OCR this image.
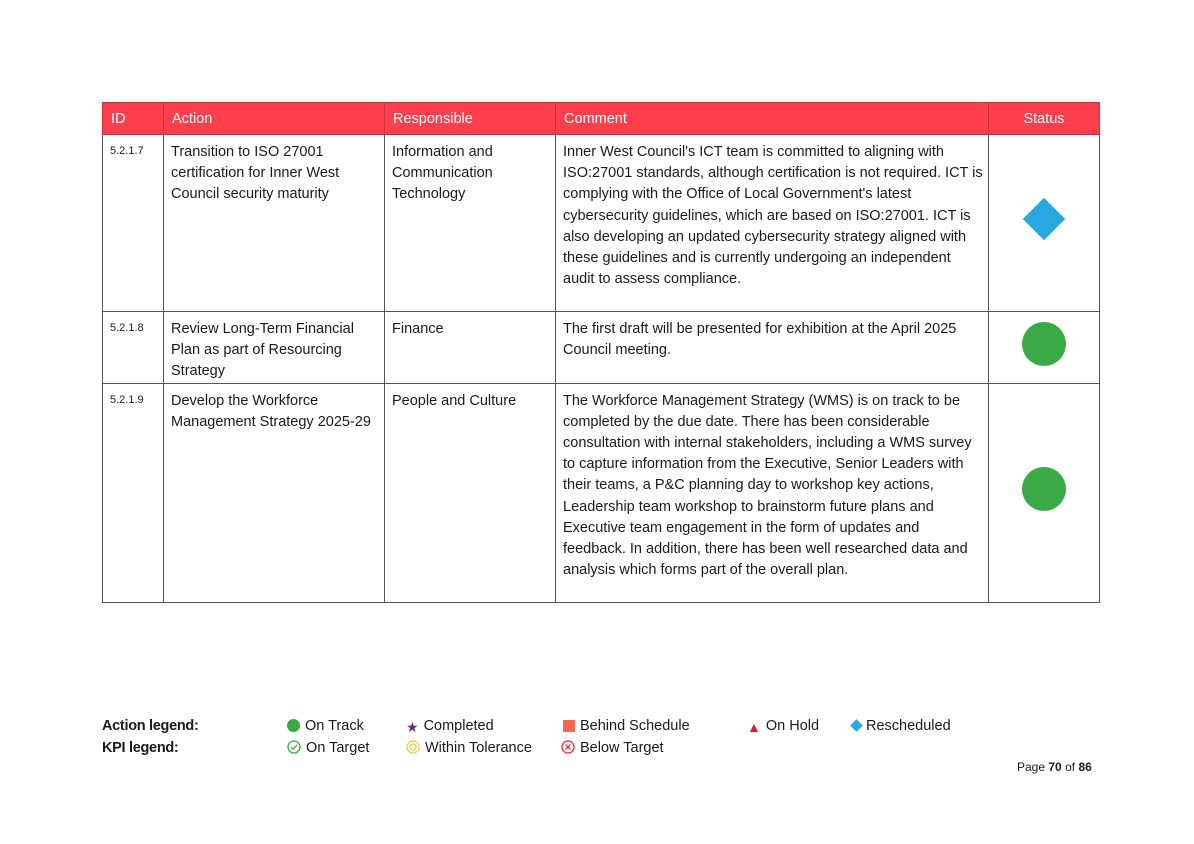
ID	Action	Responsible	Comment	Status
5.2.1.7	Transition to ISO 27001 certification for Inner West Council security maturity	Information and Communication Technology	Inner West Council's ICT team is committed to aligning with ISO:27001 standards, although certification is not required. ICT is complying with the Office of Local Government's latest cybersecurity guidelines, which are based on ISO:27001. ICT is also developing an updated cybersecurity strategy aligned with these guidelines and is currently undergoing an independent audit to assess compliance.	
5.2.1.8	Review Long-Term Financial Plan as part of Resourcing Strategy	Finance	The first draft will be presented for exhibition at the April 2025 Council meeting.	
5.2.1.9	Develop the Workforce Management Strategy 2025-29	People and Culture	The Workforce Management Strategy (WMS) is on track to be completed by the due date. There has been considerable consultation with internal stakeholders, including a WMS survey to capture information from the Executive, Senior Leaders with their teams, a P&C planning day to workshop key actions, Leadership team workshop to brainstorm future plans and Executive team engagement in the form of updates and feedback. In addition, there has been well researched data and analysis which forms part of the overall plan.	
Action legend:	On Track	★ Completed	Behind Schedule	▲ On Hold	Rescheduled
KPI legend:	On Target	Within Tolerance	Below Target
Page 70 of 86
